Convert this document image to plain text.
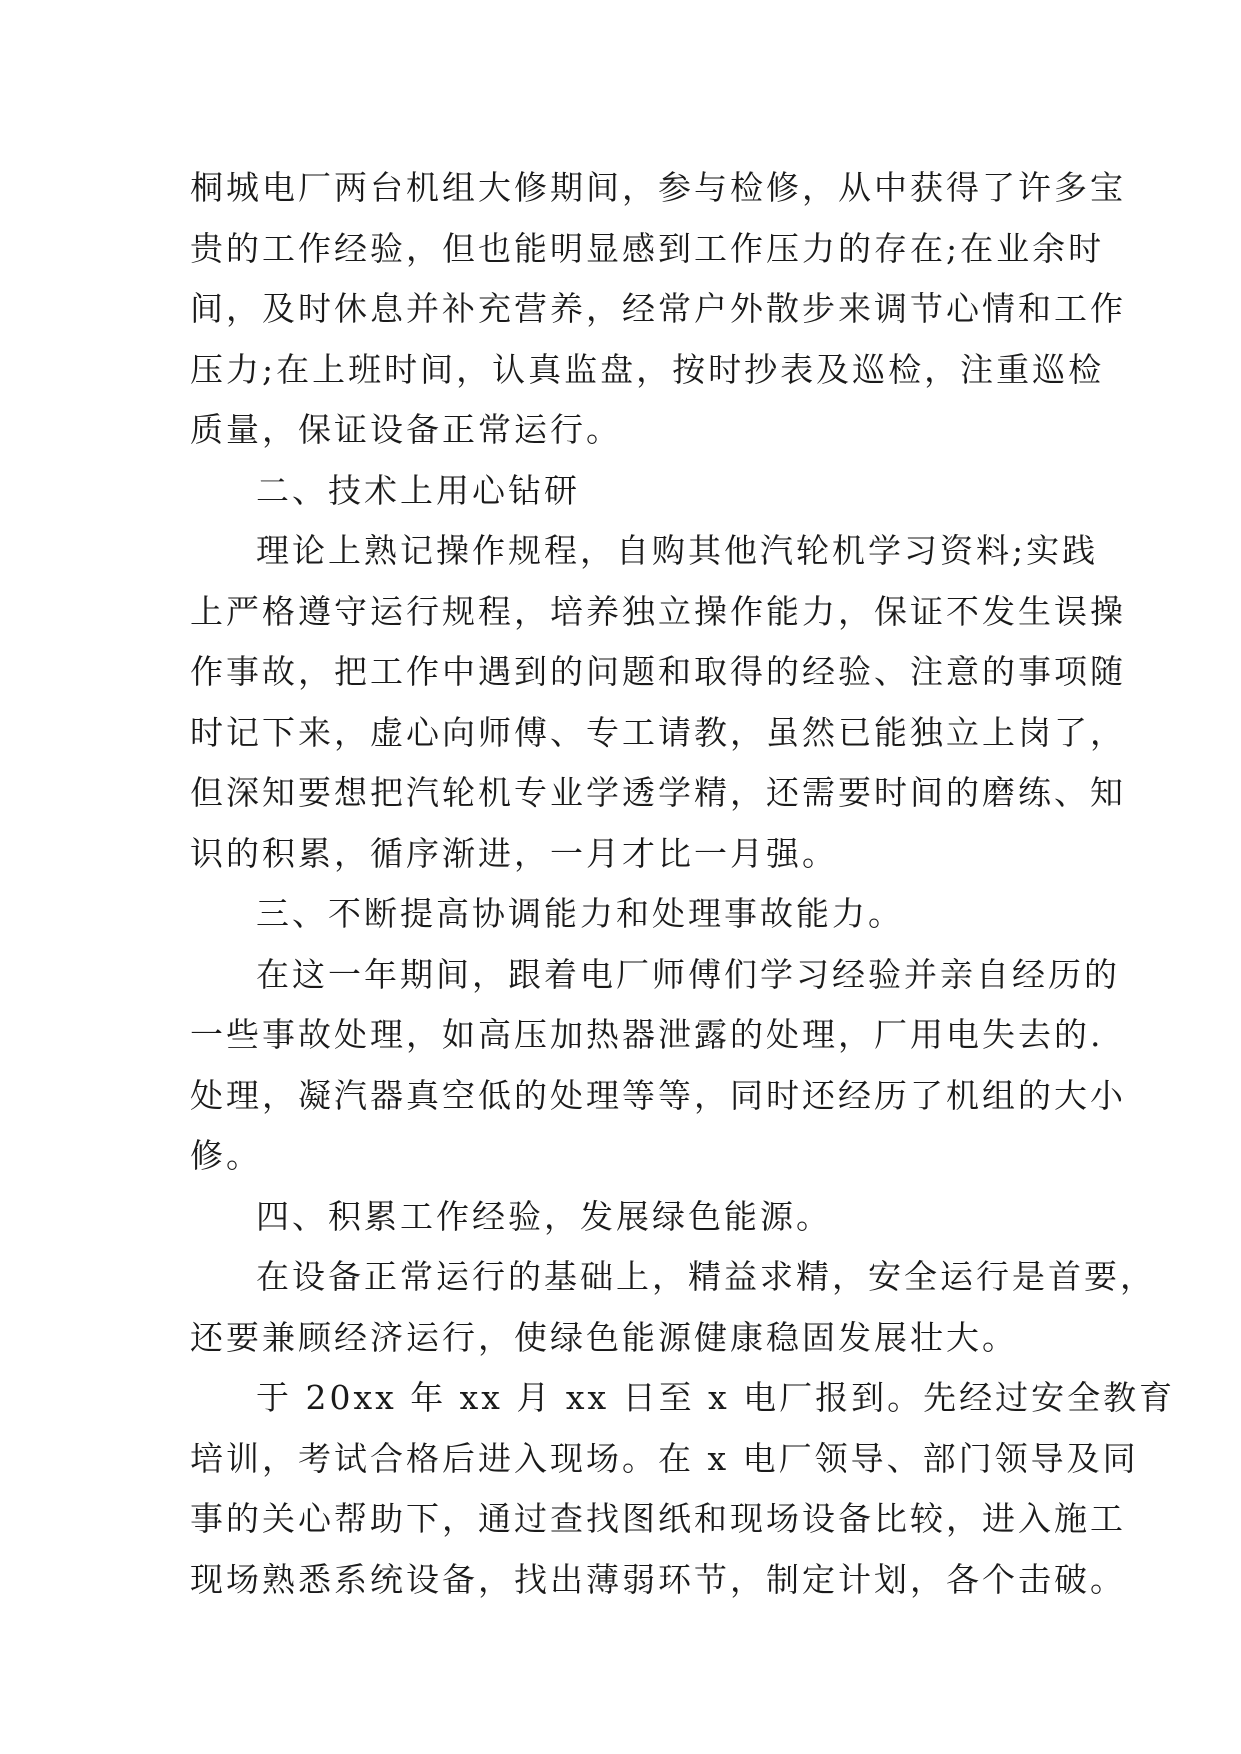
桐城电厂两台机组大修期间，参与检修，从中获得了许多宝
贵的工作经验，但也能明显感到工作压力的存在;在业余时
间，及时休息并补充营养，经常户外散步来调节心情和工作
压力;在上班时间，认真监盘，按时抄表及巡检，注重巡检
质量，保证设备正常运行。
二、技术上用心钻研
理论上熟记操作规程，自购其他汽轮机学习资料;实践
上严格遵守运行规程，培养独立操作能力，保证不发生误操
作事故，把工作中遇到的问题和取得的经验、注意的事项随
时记下来，虚心向师傅、专工请教，虽然已能独立上岗了，
但深知要想把汽轮机专业学透学精，还需要时间的磨练、知
识的积累，循序渐进，一月才比一月强。
三、不断提高协调能力和处理事故能力。
在这一年期间，跟着电厂师傅们学习经验并亲自经历的
一些事故处理，如高压加热器泄露的处理，厂用电失去的.
处理，凝汽器真空低的处理等等，同时还经历了机组的大小
修。
四、积累工作经验，发展绿色能源。
在设备正常运行的基础上，精益求精，安全运行是首要，
还要兼顾经济运行，使绿色能源健康稳固发展壮大。
于 20xx 年 xx 月 xx 日至 x 电厂报到。先经过安全教育
培训，考试合格后进入现场。在 x 电厂领导、部门领导及同
事的关心帮助下，通过查找图纸和现场设备比较，进入施工
现场熟悉系统设备，找出薄弱环节，制定计划，各个击破。
